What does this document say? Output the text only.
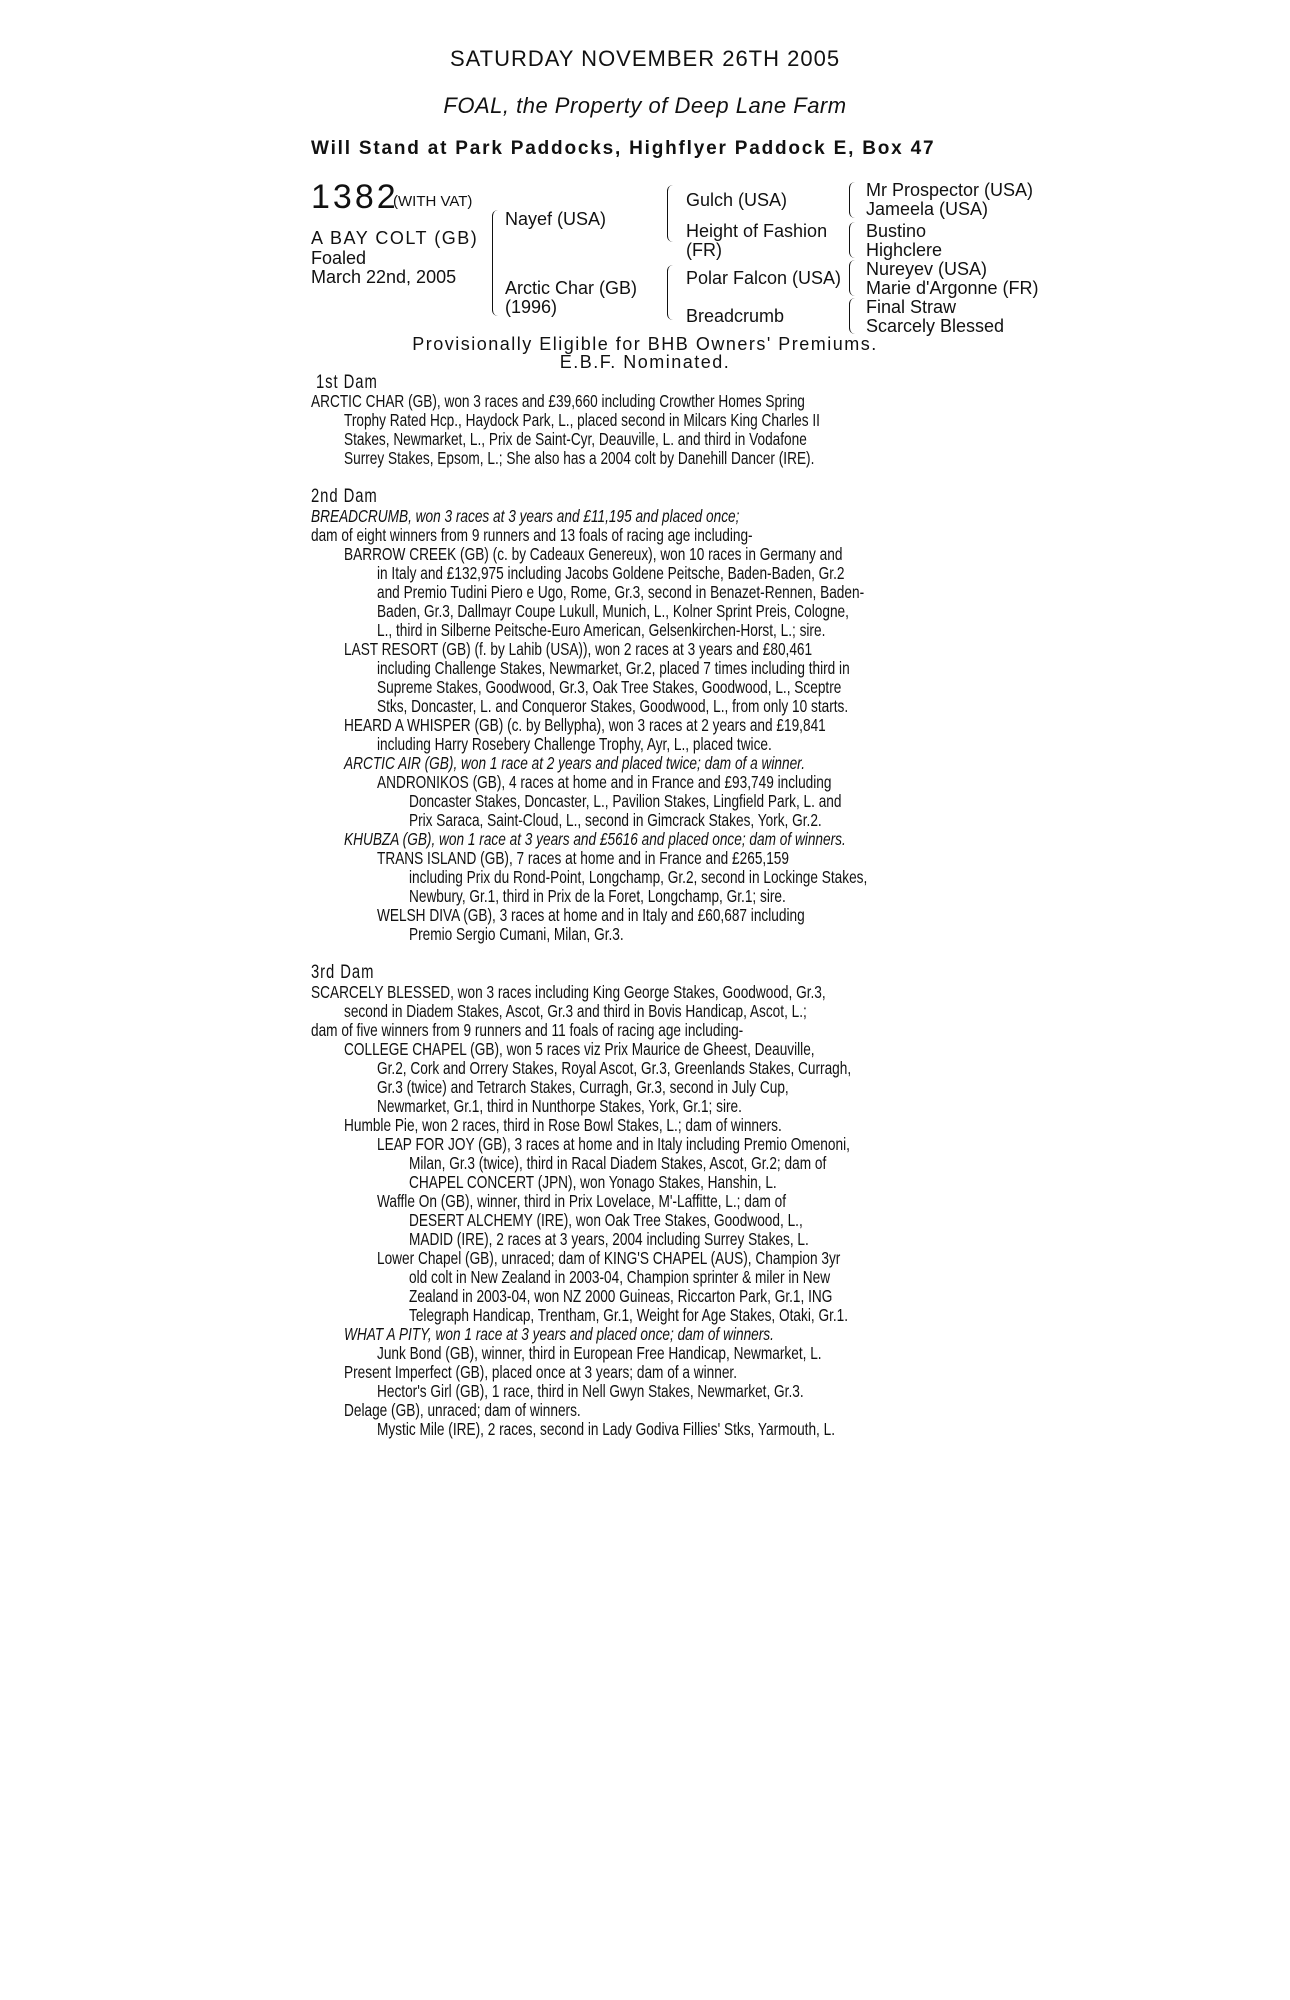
SATURDAY NOVEMBER 26TH 2005
FOAL, the Property of Deep Lane Farm
Will Stand at Park Paddocks, Highflyer Paddock E, Box 47
1382
(WITH VAT)
A BAY COLT (GB)
Foaled
March 22nd, 2005
Nayef (USA)
Arctic Char (GB)
(1996)
Gulch (USA)
Height of Fashion
(FR)
Polar Falcon (USA)
Breadcrumb
Mr Prospector (USA)
Jameela (USA)
Bustino
Highclere
Nureyev (USA)
Marie d'Argonne (FR)
Final Straw
Scarcely Blessed
Provisionally Eligible for BHB Owners' Premiums.
E.B.F. Nominated.
1st Dam
ARCTIC CHAR (GB), won 3 races and £39,660 including Crowther Homes Spring
Trophy Rated Hcp., Haydock Park, L., placed second in Milcars King Charles II
Stakes, Newmarket, L., Prix de Saint-Cyr, Deauville, L. and third in Vodafone
Surrey Stakes, Epsom, L.; She also has a 2004 colt by Danehill Dancer (IRE).
2nd Dam
BREADCRUMB, won 3 races at 3 years and £11,195 and placed once;
dam of eight winners from 9 runners and 13 foals of racing age including-
BARROW CREEK (GB) (c. by Cadeaux Genereux), won 10 races in Germany and
in Italy and £132,975 including Jacobs Goldene Peitsche, Baden-Baden, Gr.2
and Premio Tudini Piero e Ugo, Rome, Gr.3, second in Benazet-Rennen, Baden-
Baden, Gr.3, Dallmayr Coupe Lukull, Munich, L., Kolner Sprint Preis, Cologne,
L., third in Silberne Peitsche-Euro American, Gelsenkirchen-Horst, L.; sire.
LAST RESORT (GB) (f. by Lahib (USA)), won 2 races at 3 years and £80,461
including Challenge Stakes, Newmarket, Gr.2, placed 7 times including third in
Supreme Stakes, Goodwood, Gr.3, Oak Tree Stakes, Goodwood, L., Sceptre
Stks, Doncaster, L. and Conqueror Stakes, Goodwood, L., from only 10 starts.
HEARD A WHISPER (GB) (c. by Bellypha), won 3 races at 2 years and £19,841
including Harry Rosebery Challenge Trophy, Ayr, L., placed twice.
ARCTIC AIR (GB), won 1 race at 2 years and placed twice; dam of a winner.
ANDRONIKOS (GB), 4 races at home and in France and £93,749 including
Doncaster Stakes, Doncaster, L., Pavilion Stakes, Lingfield Park, L. and
Prix Saraca, Saint-Cloud, L., second in Gimcrack Stakes, York, Gr.2.
KHUBZA (GB), won 1 race at 3 years and £5616 and placed once; dam of winners.
TRANS ISLAND (GB), 7 races at home and in France and £265,159
including Prix du Rond-Point, Longchamp, Gr.2, second in Lockinge Stakes,
Newbury, Gr.1, third in Prix de la Foret, Longchamp, Gr.1; sire.
WELSH DIVA (GB), 3 races at home and in Italy and £60,687 including
Premio Sergio Cumani, Milan, Gr.3.
3rd Dam
SCARCELY BLESSED, won 3 races including King George Stakes, Goodwood, Gr.3,
second in Diadem Stakes, Ascot, Gr.3 and third in Bovis Handicap, Ascot, L.;
dam of five winners from 9 runners and 11 foals of racing age including-
COLLEGE CHAPEL (GB), won 5 races viz Prix Maurice de Gheest, Deauville,
Gr.2, Cork and Orrery Stakes, Royal Ascot, Gr.3, Greenlands Stakes, Curragh,
Gr.3 (twice) and Tetrarch Stakes, Curragh, Gr.3, second in July Cup,
Newmarket, Gr.1, third in Nunthorpe Stakes, York, Gr.1; sire.
Humble Pie, won 2 races, third in Rose Bowl Stakes, L.; dam of winners.
LEAP FOR JOY (GB), 3 races at home and in Italy including Premio Omenoni,
Milan, Gr.3 (twice), third in Racal Diadem Stakes, Ascot, Gr.2; dam of
CHAPEL CONCERT (JPN), won Yonago Stakes, Hanshin, L.
Waffle On (GB), winner, third in Prix Lovelace, M'-Laffitte, L.; dam of
DESERT ALCHEMY (IRE), won Oak Tree Stakes, Goodwood, L.,
MADID (IRE), 2 races at 3 years, 2004 including Surrey Stakes, L.
Lower Chapel (GB), unraced; dam of KING'S CHAPEL (AUS), Champion 3yr
old colt in New Zealand in 2003-04, Champion sprinter & miler in New
Zealand in 2003-04, won NZ 2000 Guineas, Riccarton Park, Gr.1, ING
Telegraph Handicap, Trentham, Gr.1, Weight for Age Stakes, Otaki, Gr.1.
WHAT A PITY, won 1 race at 3 years and placed once; dam of winners.
Junk Bond (GB), winner, third in European Free Handicap, Newmarket, L.
Present Imperfect (GB), placed once at 3 years; dam of a winner.
Hector's Girl (GB), 1 race, third in Nell Gwyn Stakes, Newmarket, Gr.3.
Delage (GB), unraced; dam of winners.
Mystic Mile (IRE), 2 races, second in Lady Godiva Fillies' Stks, Yarmouth, L.
